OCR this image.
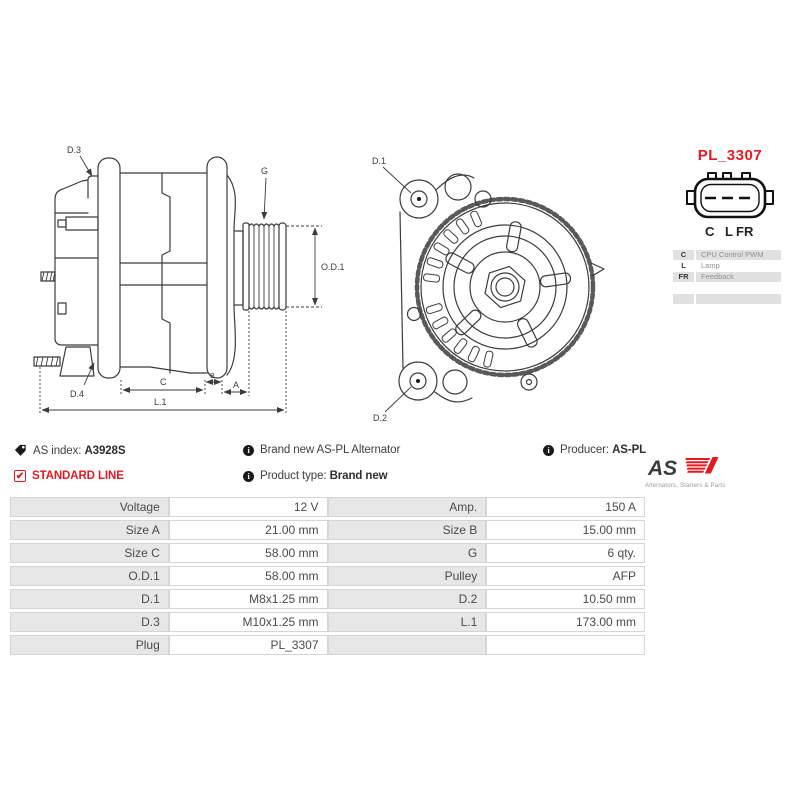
D.3
G
O.D.1
D.4
C
B
A
L.1
D.1
D.2
PL_3307
C L FR
C	CPU Control PWM
L	Lamp
FR	Feedback
AS index: A3928S
✔ STANDARD LINE
i Brand new AS-PL Alternator
i Product type: Brand new
i Producer: AS-PL
AS
Alternators, Starters & Parts
Voltage	12 V	Amp.	150 A
Size A	21.00 mm	Size B	15.00 mm
Size C	58.00 mm	G	6 qty.
O.D.1	58.00 mm	Pulley	AFP
D.1	M8x1.25 mm	D.2	10.50 mm
D.3	M10x1.25 mm	L.1	173.00 mm
Plug	PL_3307		
